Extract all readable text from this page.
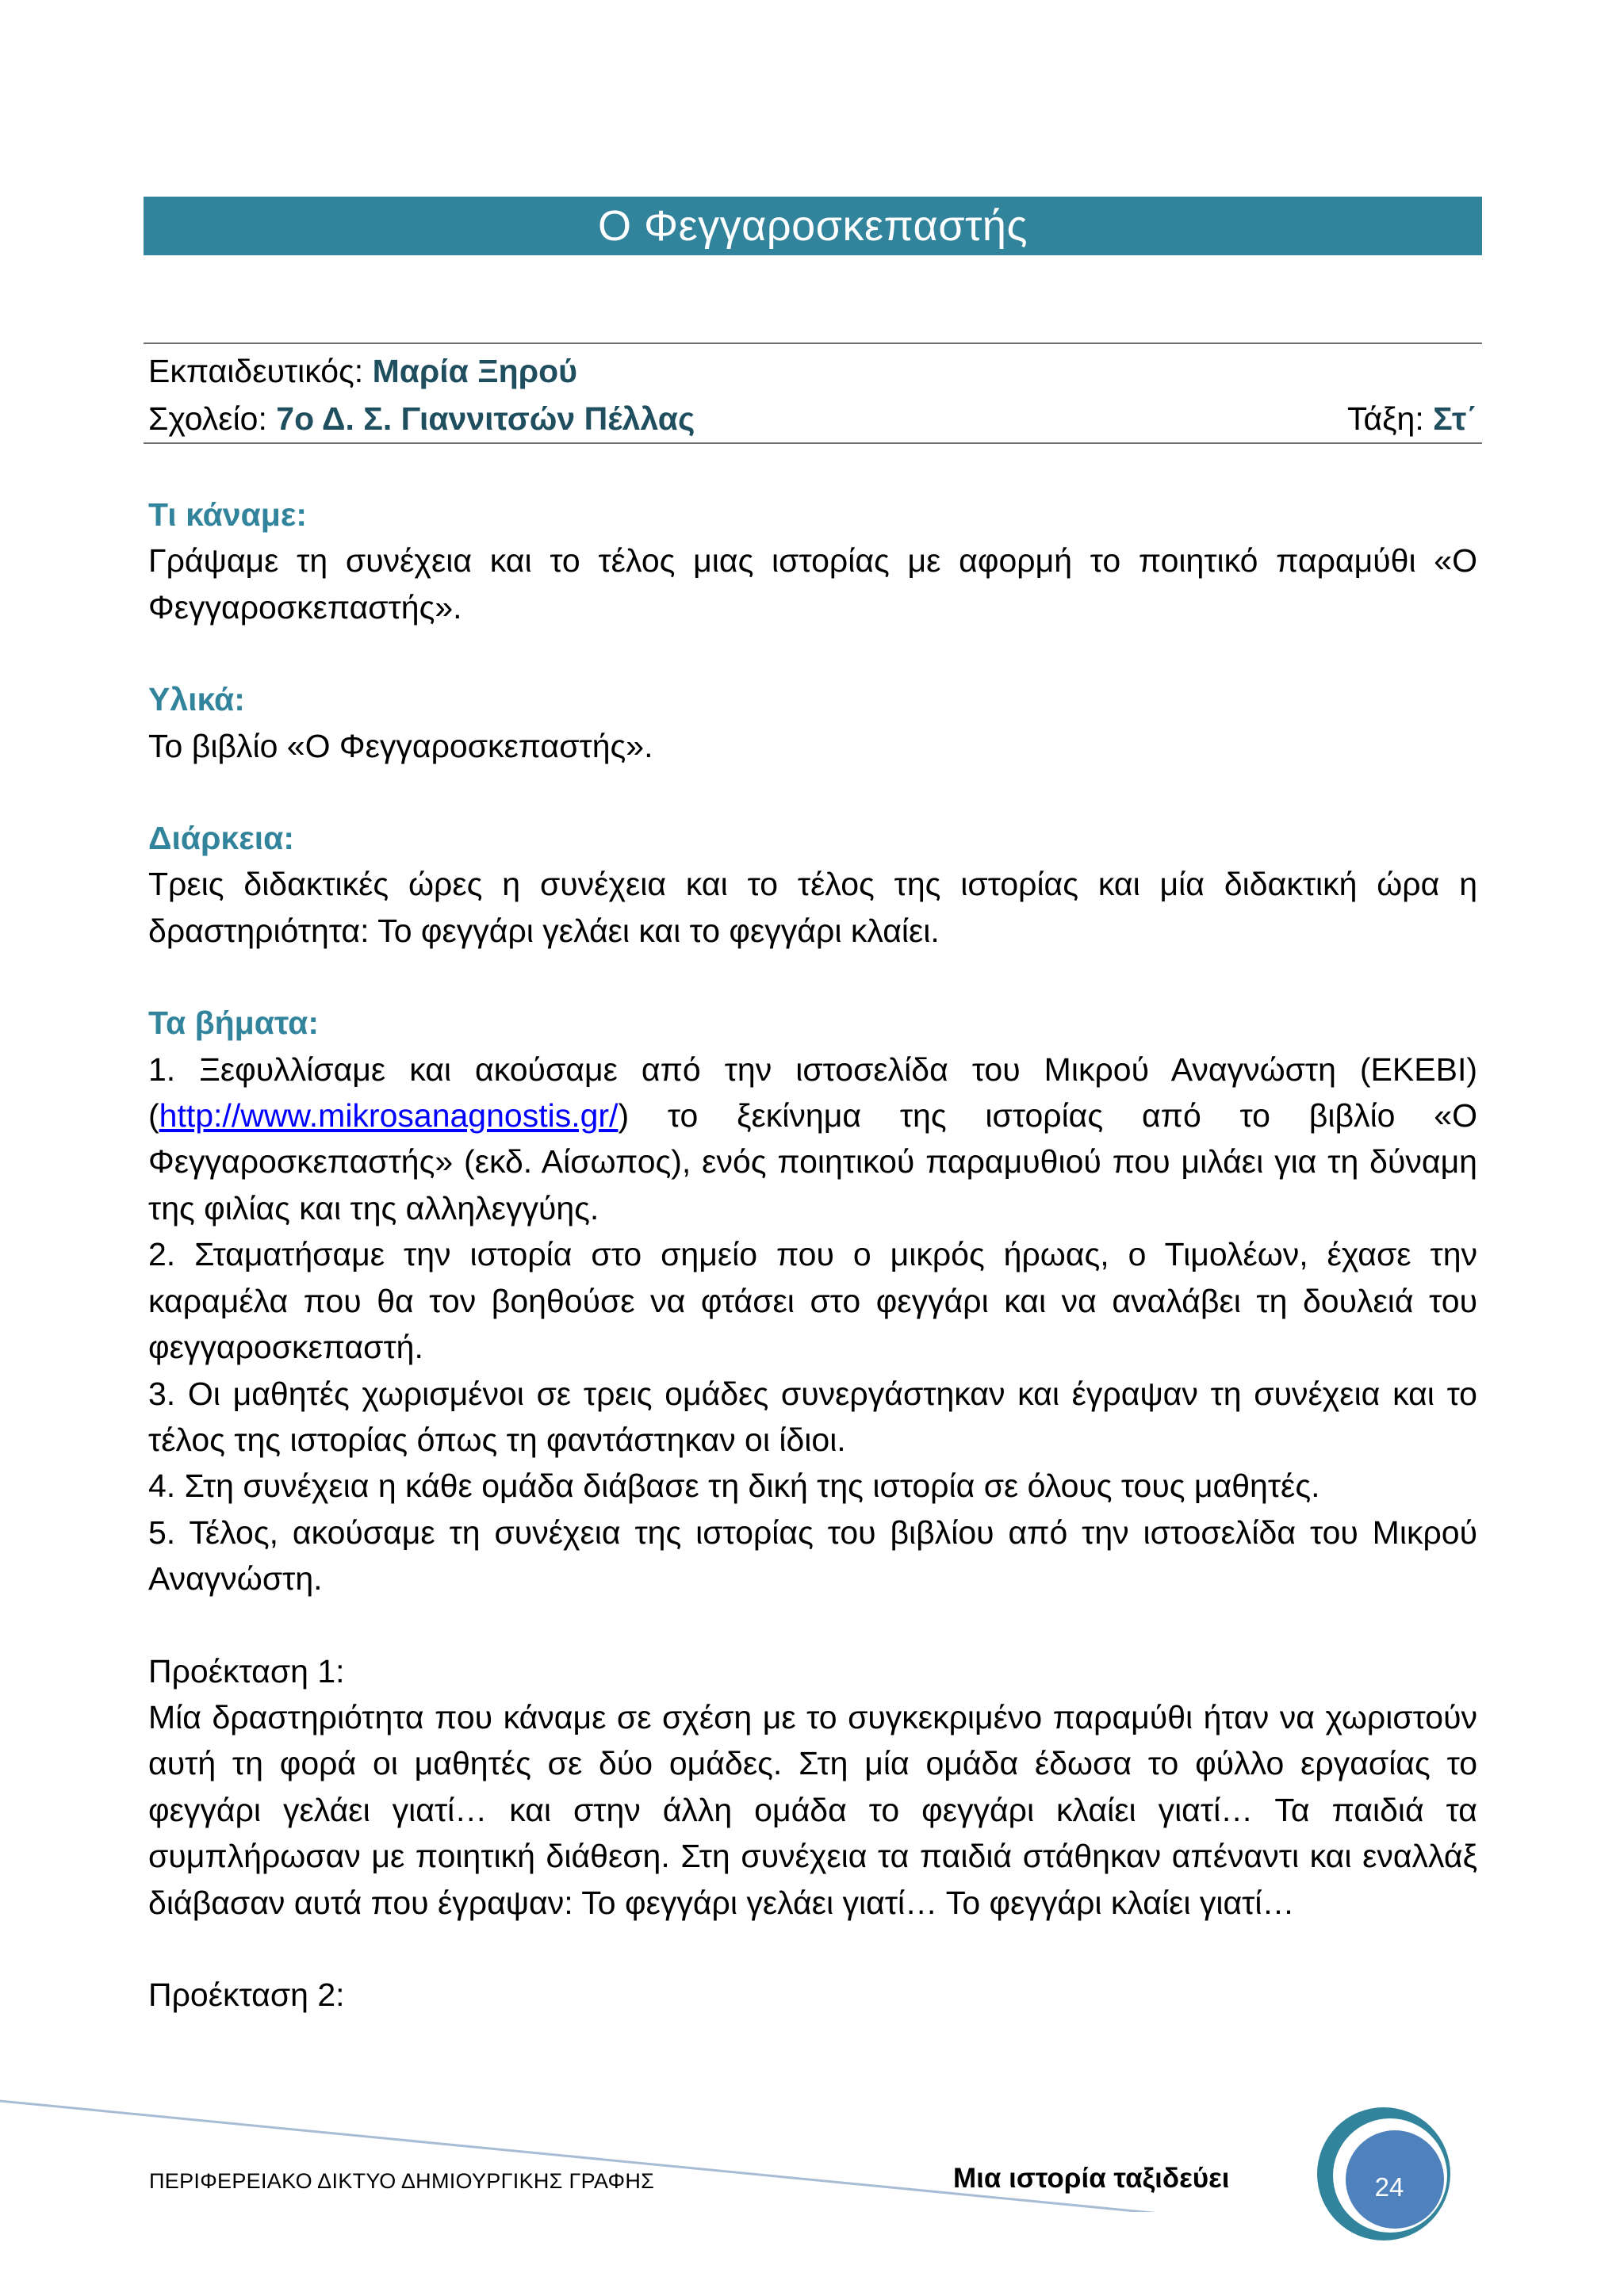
Ο Φεγγαροσκεπαστής
Εκπαιδευτικός: Μαρία Ξηρού
Σχολείο: 7ο Δ. Σ. Γιαννιτσών Πέλλας	Τάξη: Στ΄

Τι κάναμε:

Γράψαμε τη συνέχεια και το τέλος μιας ιστορίας με αφορμή το ποιητικό παραμύθι «Ο Φεγγαροσκεπαστής».

Υλικά:

Το βιβλίο «Ο Φεγγαροσκεπαστής».

Διάρκεια:

Τρεις διδακτικές ώρες η συνέχεια και το τέλος της ιστορίας και μία διδακτική ώρα η δραστηριότητα: Το φεγγάρι γελάει και το φεγγάρι κλαίει.

Τα βήματα:

1. Ξεφυλλίσαμε και ακούσαμε από την ιστοσελίδα του Μικρού Αναγνώστη (ΕΚΕΒΙ) (http://www.mikrosanagnostis.gr/) το ξεκίνημα της ιστορίας από το βιβλίο «Ο Φεγγαροσκεπαστής» (εκδ. Αίσωπος), ενός ποιητικού παραμυθιού που μιλάει για τη δύναμη της φιλίας και της αλληλεγγύης.

2. Σταματήσαμε την ιστορία στο σημείο που ο μικρός ήρωας, ο Τιμολέων, έχασε την καραμέλα που θα τον βοηθούσε να φτάσει στο φεγγάρι και να αναλάβει τη δουλειά του φεγγαροσκεπαστή.

3. Οι μαθητές χωρισμένοι σε τρεις ομάδες συνεργάστηκαν και έγραψαν τη συνέχεια και το τέλος της ιστορίας όπως τη φαντάστηκαν οι ίδιοι.

4. Στη συνέχεια η κάθε ομάδα διάβασε τη δική της ιστορία σε όλους τους μαθητές.

5. Τέλος, ακούσαμε τη συνέχεια της ιστορίας του βιβλίου από την ιστοσελίδα του Μικρού Αναγνώστη.

Προέκταση 1:

Μία δραστηριότητα που κάναμε σε σχέση με το συγκεκριμένο παραμύθι ήταν να χωριστούν αυτή τη φορά οι μαθητές σε δύο ομάδες. Στη μία ομάδα έδωσα το φύλλο εργασίας το φεγγάρι γελάει γιατί… και στην άλλη ομάδα το φεγγάρι κλαίει γιατί… Τα παιδιά τα συμπλήρωσαν με ποιητική διάθεση. Στη συνέχεια τα παιδιά στάθηκαν απέναντι και εναλλάξ διάβασαν αυτά που έγραψαν: Το φεγγάρι γελάει γιατί… Το φεγγάρι κλαίει γιατί…

Προέκταση 2:

ΠΕΡΙΦΕΡΕΙΑΚΟ ΔΙΚΤΥΟ ΔΗΜΙΟΥΡΓΙΚΗΣ ΓΡΑΦΗΣ	Μια ιστορία ταξιδεύει	24
